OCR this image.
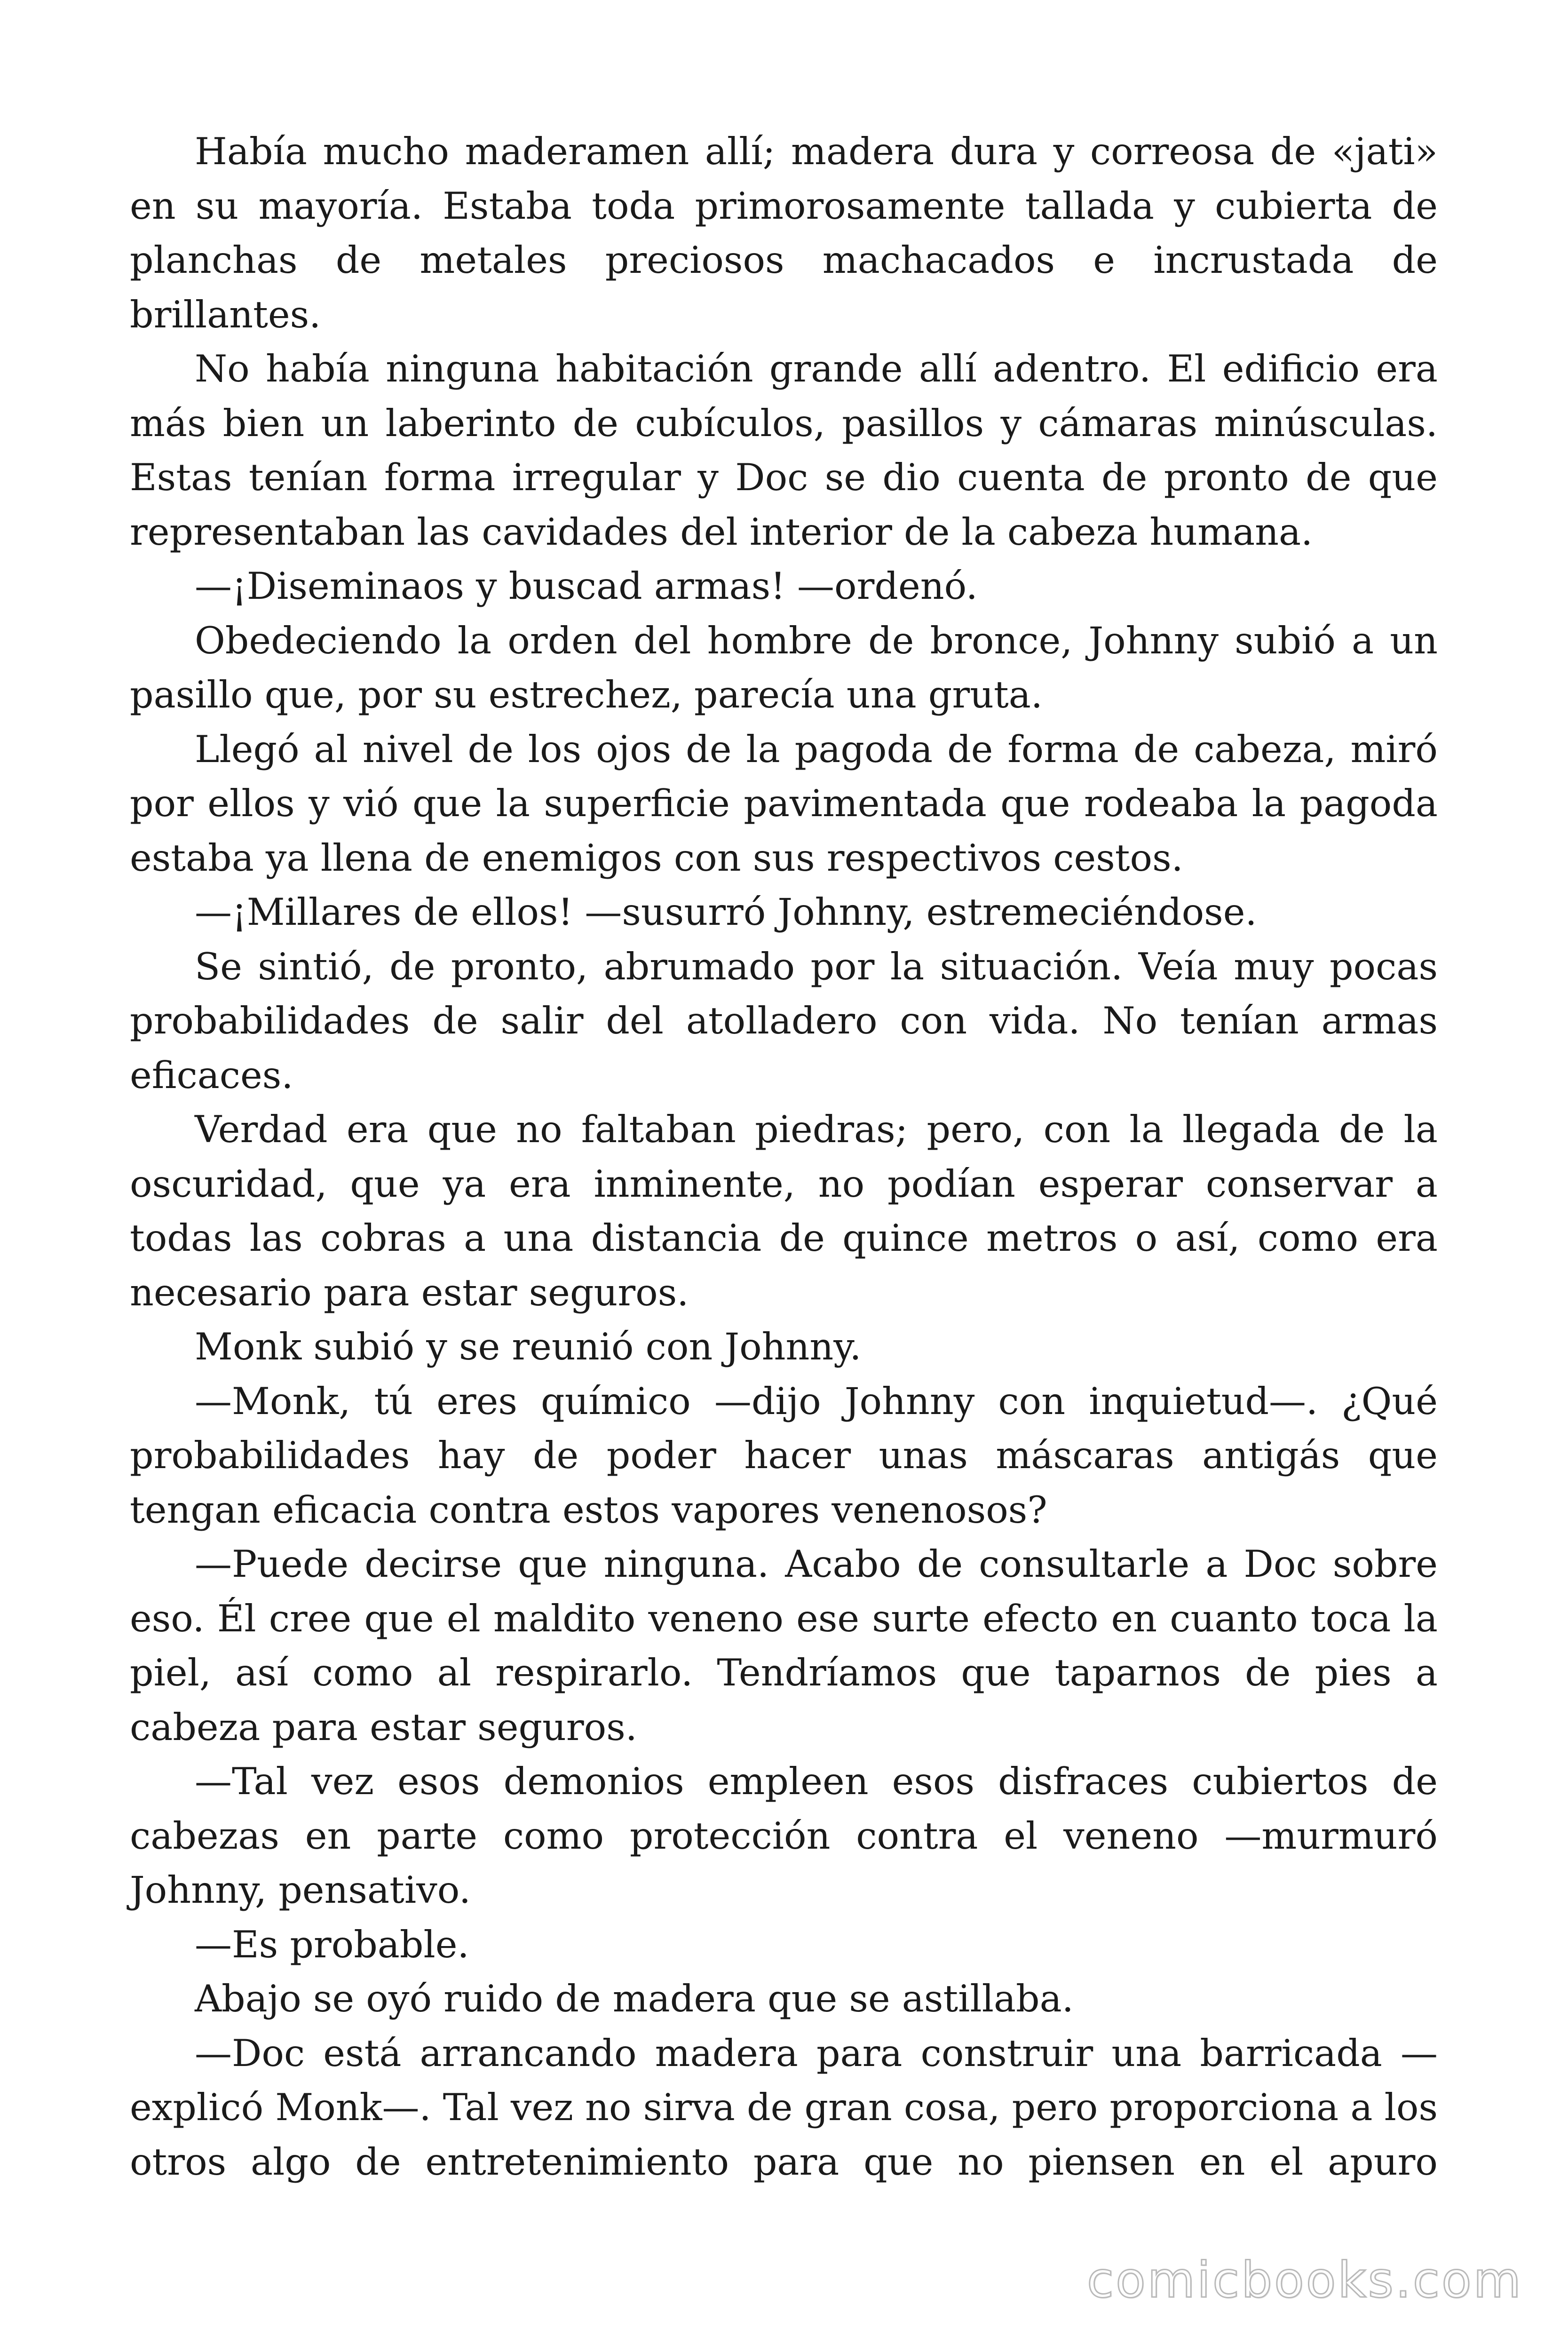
Había mucho maderamen allí; madera dura y correosa de «jati» en su mayoría. Estaba toda primorosamente tallada y cubierta de planchas de metales preciosos machacados e incrustada de brillantes.

No había ninguna habitación grande allí adentro. El edificio era más bien un laberinto de cubículos, pasillos y cámaras minúsculas. Estas tenían forma irregular y Doc se dio cuenta de pronto de que representaban las cavidades del interior de la cabeza humana.

—¡Diseminaos y buscad armas! —ordenó.

Obedeciendo la orden del hombre de bronce, Johnny subió a un pasillo que, por su estrechez, parecía una gruta.

Llegó al nivel de los ojos de la pagoda de forma de cabeza, miró por ellos y vió que la superficie pavimentada que rodeaba la pagoda estaba ya llena de enemigos con sus respectivos cestos.

—¡Millares de ellos! —susurró Johnny, estremeciéndose.

Se sintió, de pronto, abrumado por la situación. Veía muy pocas probabilidades de salir del atolladero con vida. No tenían armas eficaces.

Verdad era que no faltaban piedras; pero, con la llegada de la oscuridad, que ya era inminente, no podían esperar conservar a todas las cobras a una distancia de quince metros o así, como era necesario para estar seguros.

Monk subió y se reunió con Johnny.

—Monk, tú eres químico —dijo Johnny con inquietud—. ¿Qué probabilidades hay de poder hacer unas máscaras antigás que tengan eficacia contra estos vapores venenosos?

—Puede decirse que ninguna. Acabo de consultarle a Doc sobre eso. Él cree que el maldito veneno ese surte efecto en cuanto toca la piel, así como al respirarlo. Tendríamos que taparnos de pies a cabeza para estar seguros.

—Tal vez esos demonios empleen esos disfraces cubiertos de cabezas en parte como protección contra el veneno —murmuró Johnny, pensativo.

—Es probable.

Abajo se oyó ruido de madera que se astillaba.

—Doc está arrancando madera para construir una barricada — explicó Monk—. Tal vez no sirva de gran cosa, pero proporciona a los otros algo de entretenimiento para que no piensen en el apuro

comicbooks.com
